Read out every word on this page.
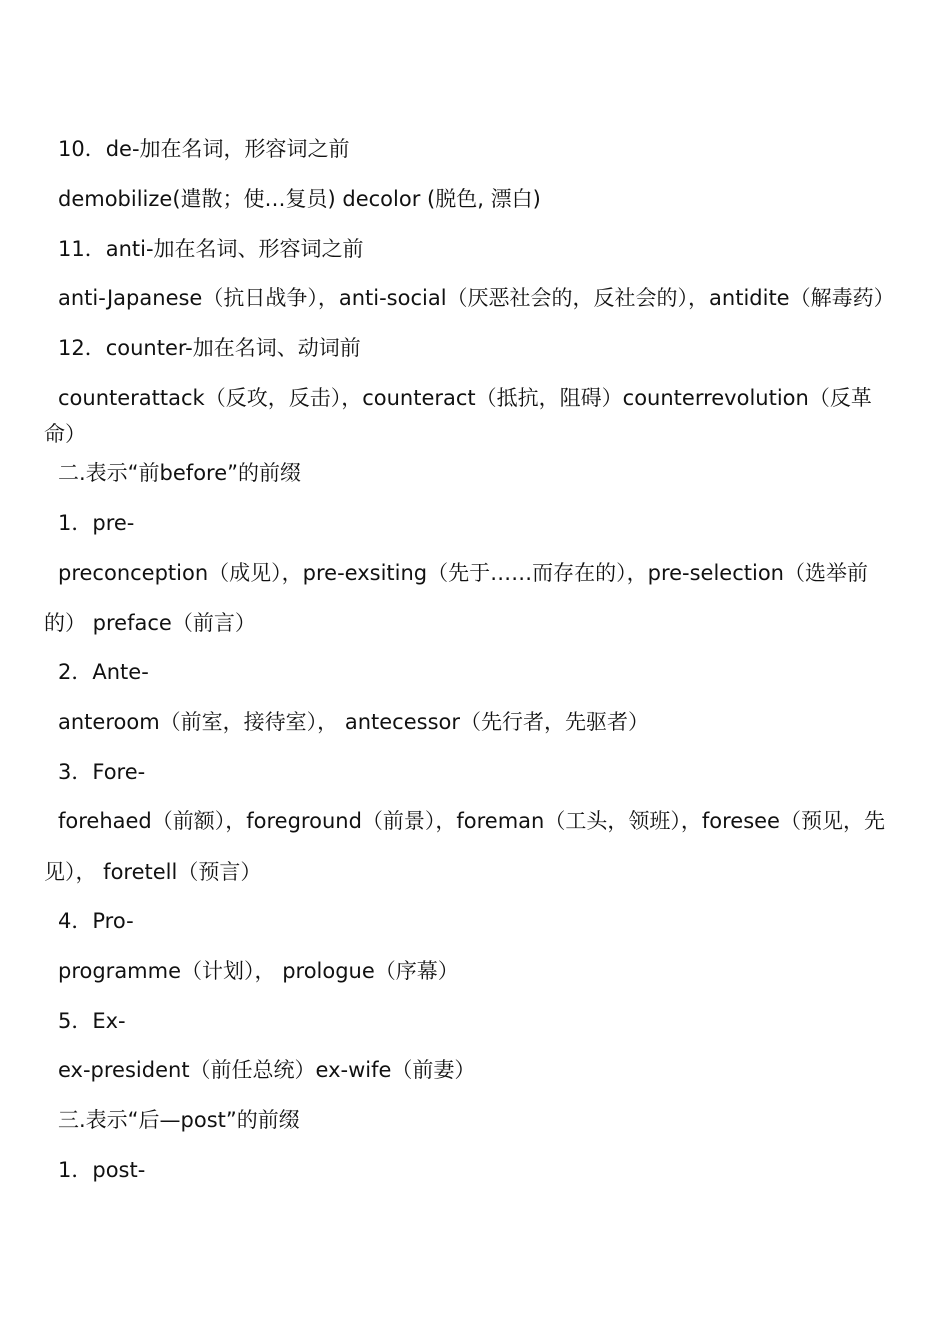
10．de-加在名词，形容词之前

demobilize(遣散；使…复员) decolor (脱色, 漂白)

11．anti-加在名词、形容词之前

anti-Japanese（抗日战争），anti-social（厌恶社会的，反社会的），antidite（解毒药）

12．counter-加在名词、动词前

counterattack（反攻，反击），counteract（抵抗，阻碍）counterrevolution（反革

命）

二.表示“前before”的前缀

1．pre-

preconception（成见），pre-exsiting（先于……而存在的），pre-selection（选举前

的） preface（前言）

2．Ante-

anteroom（前室，接待室）， antecessor（先行者，先驱者）

3．Fore-

forehaed（前额），foreground（前景），foreman（工头，领班），foresee（预见，先

见）， foretell（预言）

4．Pro-

programme（计划）， prologue（序幕）

5．Ex-

ex-president（前任总统）ex-wife（前妻）

三.表示“后—post”的前缀

1．post-
